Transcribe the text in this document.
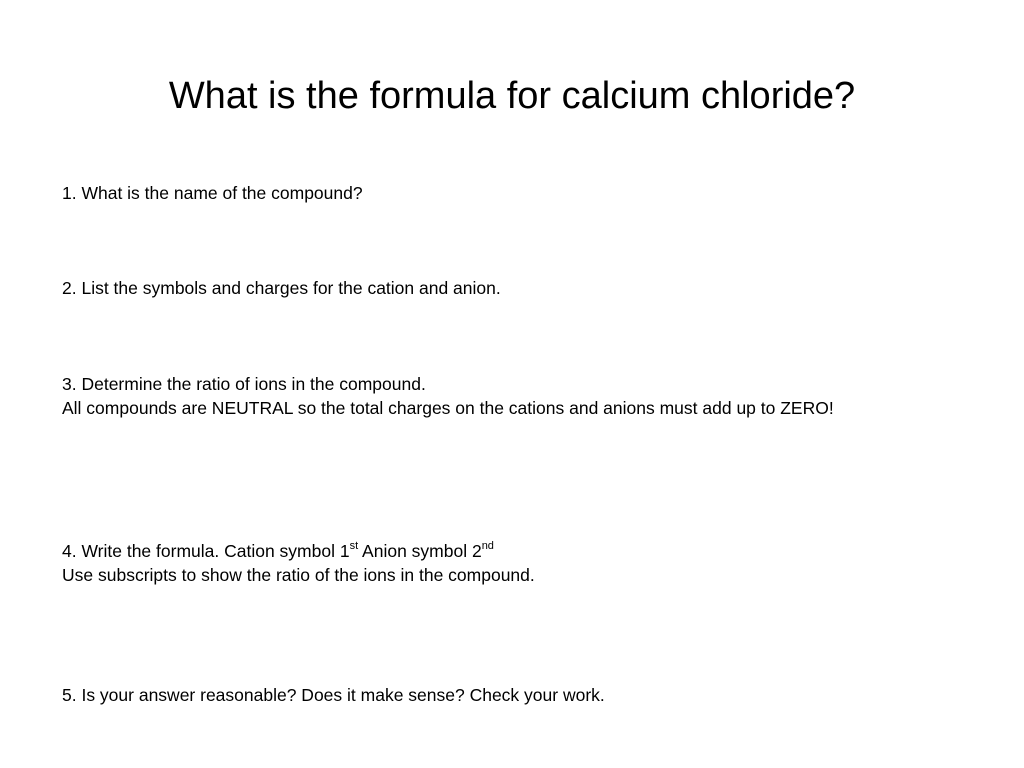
What is the formula for calcium chloride?
1. What is the name of the compound?
2. List the symbols and charges for the cation and anion.
3. Determine the ratio of ions in the compound.
All compounds are NEUTRAL so the total charges on the cations and anions must add up to ZERO!
4. Write the formula. Cation symbol 1st Anion symbol 2nd
Use subscripts to show the ratio of the ions in the compound.
5. Is your answer reasonable? Does it make sense? Check your work.
